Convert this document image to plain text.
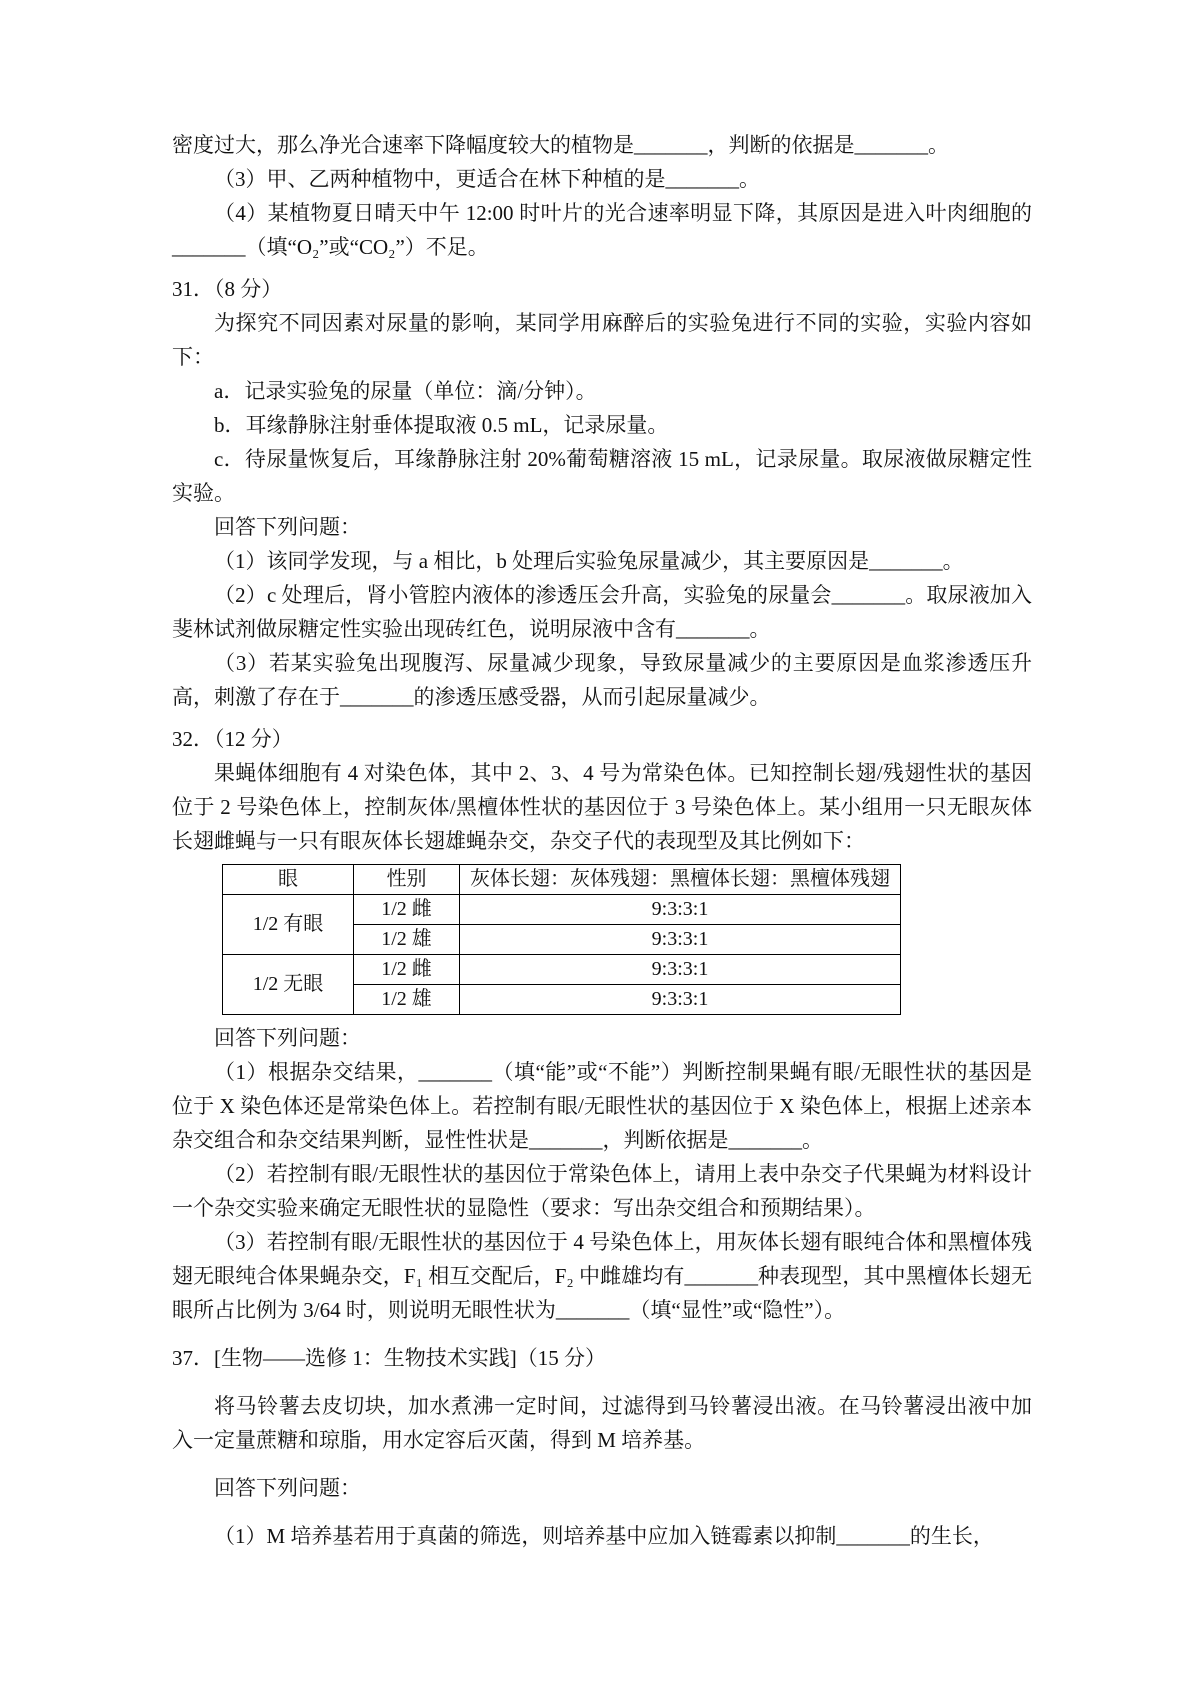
密度过大，那么净光合速率下降幅度较大的植物是_______，判断的依据是_______。

（3）甲、乙两种植物中，更适合在林下种植的是_______。

（4）某植物夏日晴天中午 12:00 时叶片的光合速率明显下降，其原因是进入叶肉细胞的_______（填“O₂”或“CO₂”）不足。

31．（8 分）

为探究不同因素对尿量的影响，某同学用麻醉后的实验兔进行不同的实验，实验内容如下：

a．记录实验兔的尿量（单位：滴/分钟）。

b．耳缘静脉注射垂体提取液 0.5 mL，记录尿量。

c．待尿量恢复后，耳缘静脉注射 20%葡萄糖溶液 15 mL，记录尿量。取尿液做尿糖定性实验。

回答下列问题：

（1）该同学发现，与 a 相比，b 处理后实验兔尿量减少，其主要原因是_______。

（2）c 处理后，肾小管腔内液体的渗透压会升高，实验兔的尿量会_______。取尿液加入斐林试剂做尿糖定性实验出现砖红色，说明尿液中含有_______。

（3）若某实验兔出现腹泻、尿量减少现象，导致尿量减少的主要原因是血浆渗透压升高，刺激了存在于_______的渗透压感受器，从而引起尿量减少。

32．（12 分）

果蝇体细胞有 4 对染色体，其中 2、3、4 号为常染色体。已知控制长翅/残翅性状的基因位于 2 号染色体上，控制灰体/黑檀体性状的基因位于 3 号染色体上。某小组用一只无眼灰体长翅雌蝇与一只有眼灰体长翅雄蝇杂交，杂交子代的表现型及其比例如下：

眼	性别	灰体长翅：灰体残翅：黑檀体长翅：黑檀体残翅
1/2 有眼	1/2 雌	9:3:3:1
	1/2 雄	9:3:3:1
1/2 无眼	1/2 雌	9:3:3:1
	1/2 雄	9:3:3:1

回答下列问题：

（1）根据杂交结果，_______（填“能”或“不能”）判断控制果蝇有眼/无眼性状的基因是位于 X 染色体还是常染色体上。若控制有眼/无眼性状的基因位于 X 染色体上，根据上述亲本杂交组合和杂交结果判断，显性性状是_______，判断依据是_______。

（2）若控制有眼/无眼性状的基因位于常染色体上，请用上表中杂交子代果蝇为材料设计一个杂交实验来确定无眼性状的显隐性（要求：写出杂交组合和预期结果）。

（3）若控制有眼/无眼性状的基因位于 4 号染色体上，用灰体长翅有眼纯合体和黑檀体残翅无眼纯合体果蝇杂交，F₁ 相互交配后，F₂ 中雌雄均有_______种表现型，其中黑檀体长翅无眼所占比例为 3/64 时，则说明无眼性状为_______（填“显性”或“隐性”）。

37．[生物——选修 1：生物技术实践]（15 分）

将马铃薯去皮切块，加水煮沸一定时间，过滤得到马铃薯浸出液。在马铃薯浸出液中加入一定量蔗糖和琼脂，用水定容后灭菌，得到 M 培养基。

回答下列问题：

（1）M 培养基若用于真菌的筛选，则培养基中应加入链霉素以抑制_______的生长，
